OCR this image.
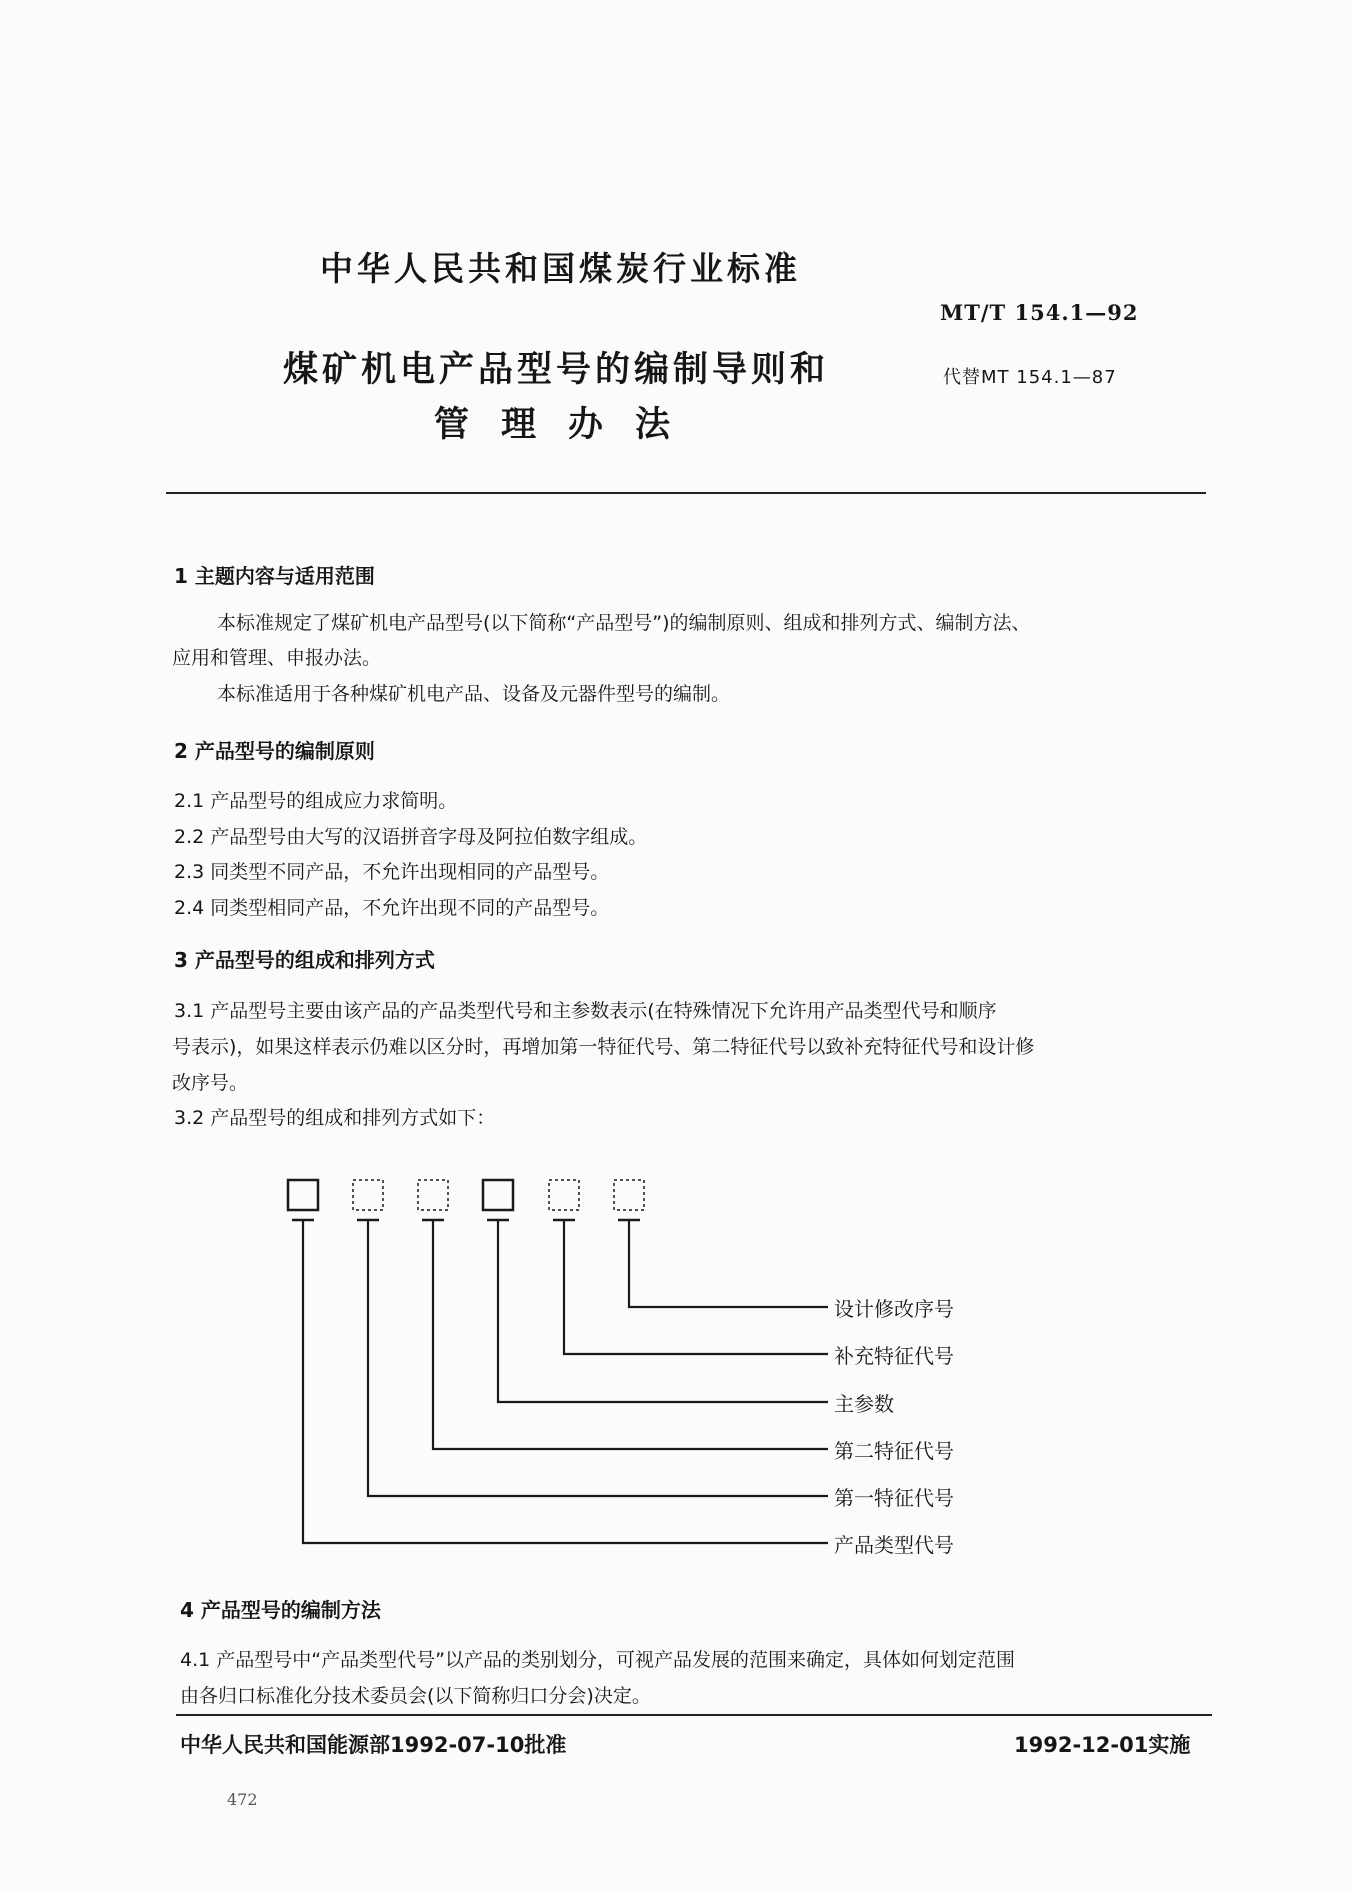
中华人民共和国煤炭行业标准
MT/T 154.1—92
煤矿机电产品型号的编制导则和
管理办法
代替MT 154.1—87
1 主题内容与适用范围
本标准规定了煤矿机电产品型号(以下简称“产品型号”)的编制原则、组成和排列方式、编制方法、
应用和管理、申报办法。
本标准适用于各种煤矿机电产品、设备及元器件型号的编制。
2 产品型号的编制原则
2.1 产品型号的组成应力求简明。
2.2 产品型号由大写的汉语拼音字母及阿拉伯数字组成。
2.3 同类型不同产品，不允许出现相同的产品型号。
2.4 同类型相同产品，不允许出现不同的产品型号。
3 产品型号的组成和排列方式
3.1 产品型号主要由该产品的产品类型代号和主参数表示(在特殊情况下允许用产品类型代号和顺序
号表示)，如果这样表示仍难以区分时，再增加第一特征代号、第二特征代号以致补充特征代号和设计修
改序号。
3.2 产品型号的组成和排列方式如下：
设计修改序号
补充特征代号
主参数
第二特征代号
第一特征代号
产品类型代号
4 产品型号的编制方法
4.1 产品型号中“产品类型代号”以产品的类别划分，可视产品发展的范围来确定，具体如何划定范围
由各归口标准化分技术委员会(以下简称归口分会)决定。
中华人民共和国能源部1992-07-10批准	1992-12-01实施
472
